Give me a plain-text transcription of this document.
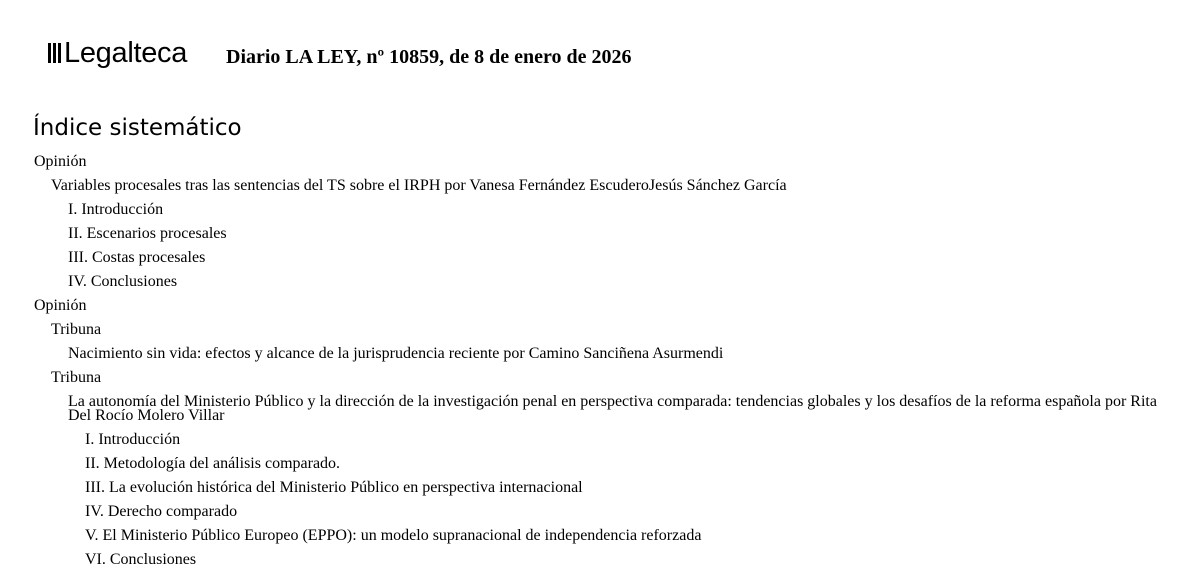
Legalteca Diario LA LEY, nº 10859, de 8 de enero de 2026
Índice sistemático
Opinión
Variables procesales tras las sentencias del TS sobre el IRPH por Vanesa Fernández EscuderoJesús Sánchez García
I. Introducción
II. Escenarios procesales
III. Costas procesales
IV. Conclusiones
Opinión
Tribuna
Nacimiento sin vida: efectos y alcance de la jurisprudencia reciente por Camino Sanciñena Asurmendi
Tribuna
La autonomía del Ministerio Público y la dirección de la investigación penal en perspectiva comparada: tendencias globales y los desafíos de la reforma española por Rita Del Rocío Molero Villar
I. Introducción
II. Metodología del análisis comparado.
III. La evolución histórica del Ministerio Público en perspectiva internacional
IV. Derecho comparado
V. El Ministerio Público Europeo (EPPO): un modelo supranacional de independencia reforzada
VI. Conclusiones
